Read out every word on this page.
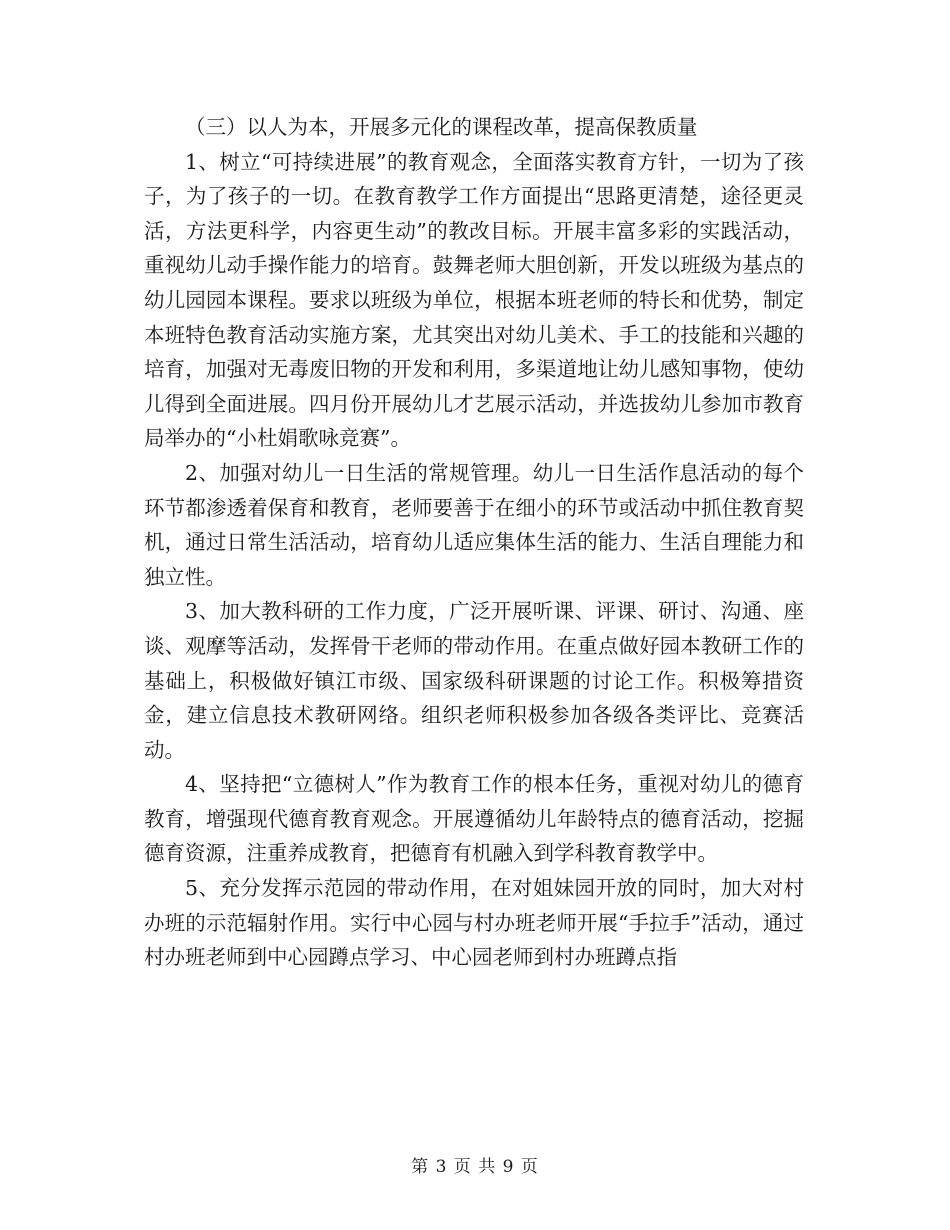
（三）以人为本，开展多元化的课程改革，提高保教质量

1、树立“可持续进展”的教育观念，全面落实教育方针，一切为了孩子，为了孩子的一切。在教育教学工作方面提出“思路更清楚，途径更灵活，方法更科学，内容更生动”的教改目标。开展丰富多彩的实践活动，重视幼儿动手操作能力的培育。鼓舞老师大胆创新，开发以班级为基点的幼儿园园本课程。要求以班级为单位，根据本班老师的特长和优势，制定本班特色教育活动实施方案，尤其突出对幼儿美术、手工的技能和兴趣的培育，加强对无毒废旧物的开发和利用，多渠道地让幼儿感知事物，使幼儿得到全面进展。四月份开展幼儿才艺展示活动，并选拔幼儿参加市教育局举办的“小杜娟歌咏竞赛”。

2、加强对幼儿一日生活的常规管理。幼儿一日生活作息活动的每个环节都渗透着保育和教育，老师要善于在细小的环节或活动中抓住教育契机，通过日常生活活动，培育幼儿适应集体生活的能力、生活自理能力和独立性。

3、加大教科研的工作力度，广泛开展听课、评课、研讨、沟通、座谈、观摩等活动，发挥骨干老师的带动作用。在重点做好园本教研工作的基础上，积极做好镇江市级、国家级科研课题的讨论工作。积极筹措资金，建立信息技术教研网络。组织老师积极参加各级各类评比、竞赛活动。

4、坚持把“立德树人”作为教育工作的根本任务，重视对幼儿的德育教育，增强现代德育教育观念。开展遵循幼儿年龄特点的德育活动，挖掘德育资源，注重养成教育，把德育有机融入到学科教育教学中。

5、充分发挥示范园的带动作用，在对姐妹园开放的同时，加大对村办班的示范辐射作用。实行中心园与村办班老师开展“手拉手”活动，通过村办班老师到中心园蹲点学习、中心园老师到村办班蹲点指

第 3 页 共 9 页
